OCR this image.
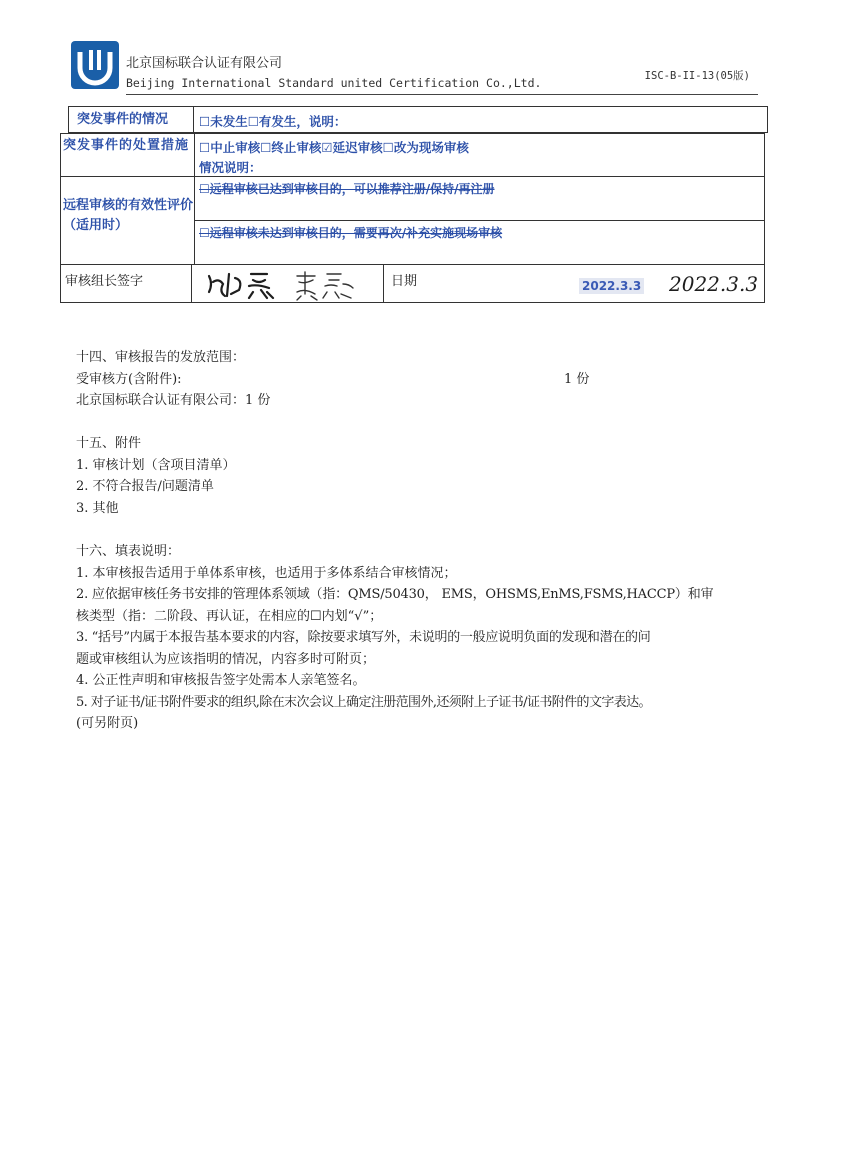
北京国标联合认证有限公司
Beijing International Standard united Certification Co.,Ltd.	ISC-B-II-13(05版)
突发事件的情况 ☐未发生☐有发生，说明：
突发事件的处置措施 ☐中止审核☐终止审核☑延迟审核☐改为现场审核
情况说明：
远程审核的有效性评价（适用时）
☐远程审核已达到审核目的，可以推荐注册/保持/再注册
☐远程审核未达到审核目的，需要再次/补充实施现场审核
审核组长签字	日期	2022.3.3 2022.3.3
十四、审核报告的发放范围：
受审核方(含附件):	1 份
北京国标联合认证有限公司：1 份
十五、附件
1. 审核计划（含项目清单）
2. 不符合报告/问题清单
3. 其他
十六、填表说明：
1. 本审核报告适用于单体系审核，也适用于多体系结合审核情况；
2. 应依据审核任务书安排的管理体系领域（指：QMS/50430， EMS，OHSMS,EnMS,FSMS,HACCP）和审
核类型（指：二阶段、再认证，在相应的☐内划“√”；
3. “括号”内属于本报告基本要求的内容，除按要求填写外，未说明的一般应说明负面的发现和潜在的问
题或审核组认为应该指明的情况，内容多时可附页；
4. 公正性声明和审核报告签字处需本人亲笔签名。
5. 对子证书/证书附件要求的组织,除在末次会议上确定注册范围外,还须附上子证书/证书附件的文字表达。
(可另附页)
